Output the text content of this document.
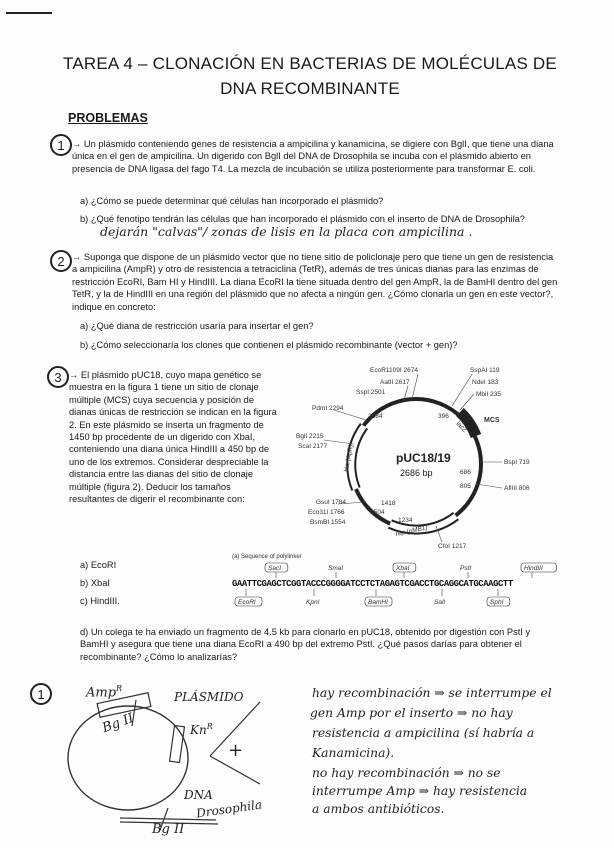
TAREA 4 – CLONACIÓN EN BACTERIAS DE MOLÉCULAS DE
DNA RECOMBINANTE
PROBLEMAS
1 → Un plásmido conteniendo genes de resistencia a ampicilina y kanamicina, se digiere con BglI, que tiene una diana única en el gen de ampicilina. Un digerido con BglI del DNA de Drosophila se incuba con el plásmido abierto en presencia de DNA ligasa del fago T4. La mezcla de incubación se utiliza posteriormente para transformar E. coli.
a) ¿Cómo se puede determinar qué células han incorporado el plásmido?
b) ¿Qué fenotipo tendrán las células que han incorporado el plásmido con el inserto de DNA de Drosophila?
dejarán "calvas"/ zonas de lisis en la placa con ampicilina .
2 → Suponga que dispone de un plásmido vector que no tiene sitio de policlonaje pero que tiene un gen de resistencia a ampicilina (AmpR) y otro de resistencia a tetraciclina (TetR), además de tres únicas dianas para las enzimas de restricción EcoRI, Bam HI y HindIII. La diana EcoRI la tiene situada dentro del gen AmpR, la de BamHI dentro del gen TetR, y la de HindIII en una región del plásmido que no afecta a ningún gen. ¿Cómo clonarla un gen en este vector?, indique en concreto:
a) ¿Qué diana de restricción usaría para insertar el gen?
b) ¿Cómo seleccionaría los clones que contienen el plásmido recombinante (vector + gen)?
3 → El plásmido pUC18, cuyo mapa genético se muestra en la figura 1 tiene un sitio de clonaje múltiple (MCS) cuya secuencia y posición de dianas únicas de restricción se indican en la figura 2. En este plásmido se inserta un fragmento de 1450 bp procedente de un digerido con XbaI, conteniendo una diana única HindIII a 450 bp de uno de los extremos. Considerar despreciable la distancia entre las dianas del sitio de clonaje múltiple (figura 2). Deducir los tamaños resultantes de digerir el recombinante con:
a) EcoRI
b) XbaI
c) HindIII.
d) Un colega te ha enviado un fragmento de 4.5 kb para clonarlo en pUC18, obtenido por digestión con PstI y BamHI y asegura que tiene una diana EcoRI a 490 bp del extremo PstI. ¿Qué pasos darías para obtener el recombinante? ¿Cómo lo analizarías?
lacZ MCS
pUC18/19
2686 bp
bla (ApR)
rep (pMB1)
EcoR1109I 2674
AatII 2617
SspI 2501
PdmI 2294
BglI 2215
ScaI 2177
GsuI 1784
Eco31I 1766
BsmBI 1554
SspAI 119
NdeI 183
MbiI 235
BspI 719
AflIII 806
CfoI 1217
1418
805
686
2684
1234
1504
396
(a) Sequence of polylinker
SacI	SmaI	XbaI	PstI	HindIII
EcoRI	KpnI	BamHI	SalI	SphI
GAATTCGAGCTCGGTACCCGGGGATCCTCTAGAGTCGACCTGCAGGCATGCAAGCTT
1	Amp$^R$
Bg II
PLÁSMIDO
$Kn^R$
+
DNA
Drosophila
Bg II
hay recombinación ⇒ se interrumpe el
gen Amp por el inserto ⇒ no hay
resistencia a ampicilina (sí habría a
Kanamicina).
no hay recombinación ⇒ no se
interrumpe Amp ⇒ hay resistencia
a ambos antibióticos.
